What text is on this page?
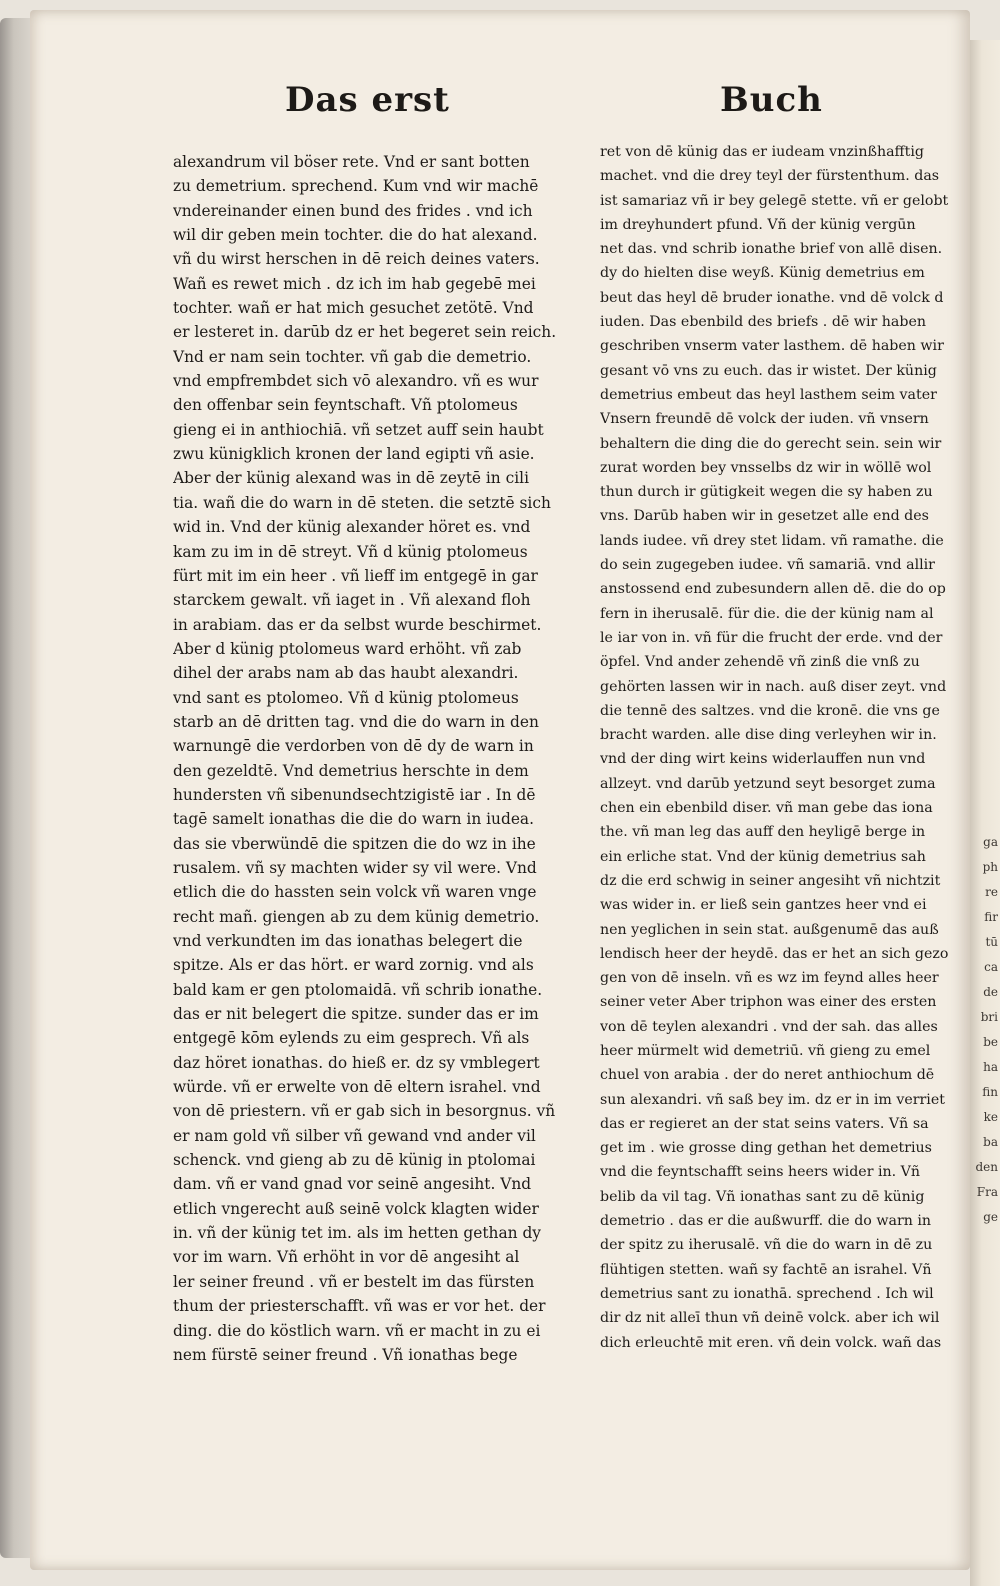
Das erst	Buch
alexandrum vil böser rete. Vnd er sant botten
zu demetrium. sprechend. Kum vnd wir machē
vndereinander einen bund des frides . vnd ich
wil dir geben mein tochter. die do hat alexand.
vñ du wirst herschen in dē reich deines vaters.
Wañ es rewet mich . dz ich im hab gegebē mei
tochter. wañ er hat mich gesuchet zetötē. Vnd
er lesteret in. darūb dz er het begeret sein reich.
Vnd er nam sein tochter. vñ gab die demetrio.
vnd empfrembdet sich vō alexandro. vñ es wur
den offenbar sein feyntschaft. Vñ ptolomeus
gieng ei in anthiochiā. vñ setzet auff sein haubt
zwu künigklich kronen der land egipti vñ asie.
Aber der künig alexand was in dē zeytē in cili
tia. wañ die do warn in dē steten. die setztē sich
wid in. Vnd der künig alexander höret es. vnd
kam zu im in dē streyt. Vñ d künig ptolomeus
fürt mit im ein heer . vñ lieff im entgegē in gar
starckem gewalt. vñ iaget in . Vñ alexand floh
in arabiam. das er da selbst wurde beschirmet.
Aber d künig ptolomeus ward erhöht. vñ zab
dihel der arabs nam ab das haubt alexandri.
vnd sant es ptolomeo. Vñ d künig ptolomeus
starb an dē dritten tag. vnd die do warn in den
warnungē die verdorben von dē dy de warn in
den gezeldtē. Vnd demetrius herschte in dem
hundersten vñ sibenundsechtzigistē iar . In dē
tagē samelt ionathas die die do warn in iudea.
das sie vberwündē die spitzen die do wz in ihe
rusalem. vñ sy machten wider sy vil were. Vnd
etlich die do hassten sein volck vñ waren vnge
recht mañ. giengen ab zu dem künig demetrio.
vnd verkundten im das ionathas belegert die
spitze. Als er das hört. er ward zornig. vnd als
bald kam er gen ptolomaidā. vñ schrib ionathe.
das er nit belegert die spitze. sunder das er im
entgegē kōm eylends zu eim gesprech. Vñ als
daz höret ionathas. do hieß er. dz sy vmblegert
würde. vñ er erwelte von dē eltern israhel. vnd
von dē priestern. vñ er gab sich in besorgnus. vñ
er nam gold vñ silber vñ gewand vnd ander vil
schenck. vnd gieng ab zu dē künig in ptolomai
dam. vñ er vand gnad vor seinē angesiht. Vnd
etlich vngerecht auß seinē volck klagten wider
in. vñ der künig tet im. als im hetten gethan dy
vor im warn. Vñ erhöht in vor dē angesiht al
ler seiner freund . vñ er bestelt im das fürsten
thum der priesterschafft. vñ was er vor het. der
ding. die do köstlich warn. vñ er macht in zu ei
nem fürstē seiner freund . Vñ ionathas bege
ret von dē künig das er iudeam vnzinßhafftig
machet. vnd die drey teyl der fürstenthum. das
ist samariaz vñ ir bey gelegē stette. vñ er gelobt
im dreyhundert pfund. Vñ der künig vergūn
net das. vnd schrib ionathe brief von allē disen.
dy do hielten dise weyß. Künig demetrius em
beut das heyl dē bruder ionathe. vnd dē volck d
iuden. Das ebenbild des briefs . dē wir haben
geschriben vnserm vater lasthem. dē haben wir
gesant vō vns zu euch. das ir wistet. Der künig
demetrius embeut das heyl lasthem seim vater
Vnsern freundē dē volck der iuden. vñ vnsern
behaltern die ding die do gerecht sein. sein wir
zurat worden bey vnsselbs dz wir in wöllē wol
thun durch ir gütigkeit wegen die sy haben zu
vns. Darūb haben wir in gesetzet alle end des
lands iudee. vñ drey stet lidam. vñ ramathe. die
do sein zugegeben iudee. vñ samariā. vnd allir
anstossend end zubesundern allen dē. die do op
fern in iherusalē. für die. die der künig nam al
le iar von in. vñ für die frucht der erde. vnd der
öpfel. Vnd ander zehendē vñ zinß die vnß zu
gehörten lassen wir in nach. auß diser zeyt. vnd
die tennē des saltzes. vnd die kronē. die vns ge
bracht warden. alle dise ding verleyhen wir in.
vnd der ding wirt keins widerlauffen nun vnd
allzeyt. vnd darūb yetzund seyt besorget zuma
chen ein ebenbild diser. vñ man gebe das iona
the. vñ man leg das auff den heyligē berge in
ein erliche stat. Vnd der künig demetrius sah
dz die erd schwig in seiner angesiht vñ nichtzit
was wider in. er ließ sein gantzes heer vnd ei
nen yeglichen in sein stat. außgenumē das auß
lendisch heer der heydē. das er het an sich gezo
gen von dē inseln. vñ es wz im feynd alles heer
seiner veter Aber triphon was einer des ersten
von dē teylen alexandri . vnd der sah. das alles
heer mürmelt wid demetriū. vñ gieng zu emel
chuel von arabia . der do neret anthiochum dē
sun alexandri. vñ saß bey im. dz er in im verriet
das er regieret an der stat seins vaters. Vñ sa
get im . wie grosse ding gethan het demetrius
vnd die feyntschafft seins heers wider in. Vñ
belib da vil tag. Vñ ionathas sant zu dē künig
demetrio . das er die außwurff. die do warn in
der spitz zu iherusalē. vñ die do warn in dē zu
flühtigen stetten. wañ sy fachtē an israhel. Vñ
demetrius sant zu ionathā. sprechend . Ich wil
dir dz nit alleī thun vñ deinē volck. aber ich wil
dich erleuchtē mit eren. vñ dein volck. wañ das
ga
ph
re
fir
tū
ca
de
bri
be
ha
fin
ke
ba
den
Fra
ge
